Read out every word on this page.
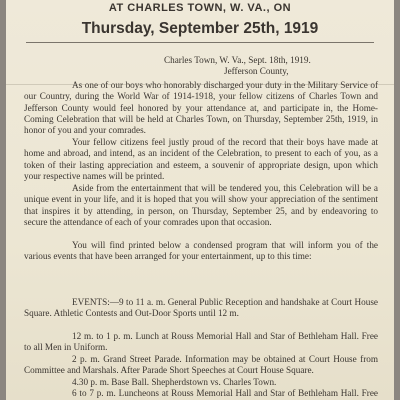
AT CHARLES TOWN, W. VA., ON
Thursday, September 25th, 1919
Charles Town, W. Va., Sept. 18th, 1919.
Jefferson County,

As one of our boys who honorably discharged your duty in the Military Service of our Country, during the World War of 1914-1918, your fellow citizens of Charles Town and Jefferson County would feel honored by your attendance at, and participate in, the Home-Coming Celebration that will be held at Charles Town, on Thursday, September 25th, 1919, in honor of you and your comrades.

Your fellow citizens feel justly proud of the record that their boys have made at home and abroad, and intend, as an incident of the Celebration, to present to each of you, as a token of their lasting appreciation and esteem, a souvenir of appropriate design, upon which your respective names will be printed.

Aside from the entertainment that will be tendered you, this Celebration will be a unique event in your life, and it is hoped that you will show your appreciation of the sentiment that inspires it by attending, in person, on Thursday, September 25, and by endeavoring to secure the attendance of each of your comrades upon that occasion.

You will find printed below a condensed program that will inform you of the various events that have been arranged for your entertainment, up to this time:

EVENTS:—9 to 11 a. m. General Public Reception and handshake at Court House Square. Athletic Contests and Out-Door Sports until 12 m.

12 m. to 1 p. m. Lunch at Rouss Memorial Hall and Star of Bethleham Hall. Free to all Men in Uniform.

2 p. m. Grand Street Parade. Information may be obtained at Court House from Committee and Marshals. After Parade Short Speeches at Court House Square.

4.30 p. m. Base Ball. Shepherdstown vs. Charles Town.

6 to 7 p. m. Luncheons at Rouss Memorial Hall and Star of Bethleham Hall. Free
